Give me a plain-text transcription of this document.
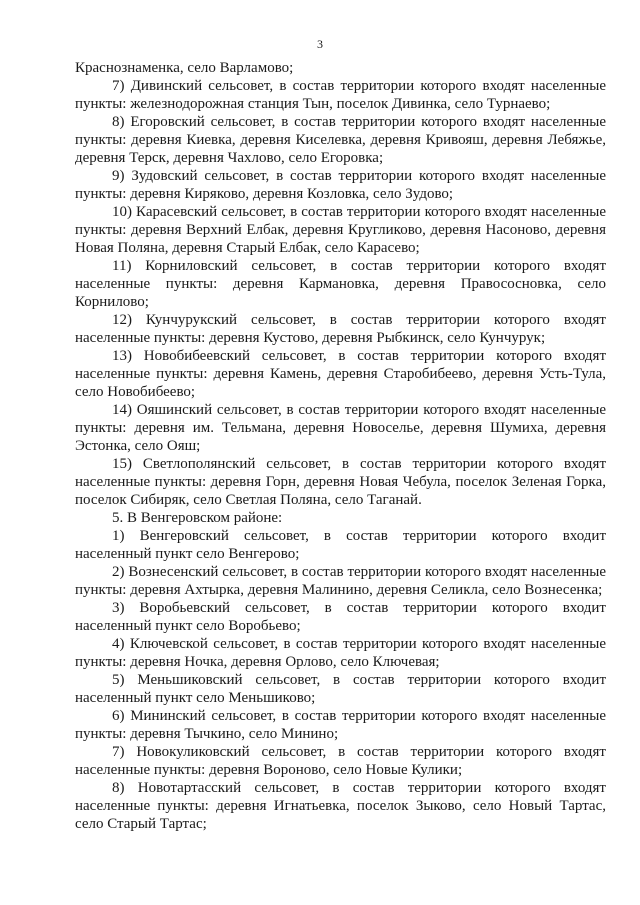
3

Краснознаменка, село Варламово;

7) Дивинский сельсовет, в состав территории которого входят населенные пункты: железнодорожная станция Тын, поселок Дивинка, село Турнаево;

8) Егоровский сельсовет, в состав территории которого входят населенные пункты: деревня Киевка, деревня Киселевка, деревня Кривояш, деревня Лебяжье, деревня Терск, деревня Чахлово, село Егоровка;

9) Зудовский сельсовет, в состав территории которого входят населенные пункты: деревня Киряково, деревня Козловка, село Зудово;

10) Карасевский сельсовет, в состав территории которого входят населенные пункты: деревня Верхний Елбак, деревня Кругликово, деревня Насоново, деревня Новая Поляна, деревня Старый Елбак, село Карасево;

11) Корниловский сельсовет, в состав территории которого входят населенные пункты: деревня Кармановка, деревня Правососновка, село Корнилово;

12) Кунчурукский сельсовет, в состав территории которого входят населенные пункты: деревня Кустово, деревня Рыбкинск, село Кунчурук;

13) Новобибеевский сельсовет, в состав территории которого входят населенные пункты: деревня Камень, деревня Старобибеево, деревня Усть-Тула, село Новобибеево;

14) Ояшинский сельсовет, в состав территории которого входят населенные пункты: деревня им. Тельмана, деревня Новоселье, деревня Шумиха, деревня Эстонка, село Ояш;

15) Светлополянский сельсовет, в состав территории которого входят населенные пункты: деревня Горн, деревня Новая Чебула, поселок Зеленая Горка, поселок Сибиряк, село Светлая Поляна, село Таганай.

5. В Венгеровском районе:

1) Венгеровский сельсовет, в состав территории которого входит населенный пункт село Венгерово;

2) Вознесенский сельсовет, в состав территории которого входят населенные пункты: деревня Ахтырка, деревня Малинино, деревня Селикла, село Вознесенка;

3) Воробьевский сельсовет, в состав территории которого входит населенный пункт село Воробьево;

4) Ключевской сельсовет, в состав территории которого входят населенные пункты: деревня Ночка, деревня Орлово, село Ключевая;

5) Меньшиковский сельсовет, в состав территории которого входит населенный пункт село Меньшиково;

6) Мининский сельсовет, в состав территории которого входят населенные пункты: деревня Тычкино, село Минино;

7) Новокуликовский сельсовет, в состав территории которого входят населенные пункты: деревня Вороново, село Новые Кулики;

8) Новотартасский сельсовет, в состав территории которого входят населенные пункты: деревня Игнатьевка, поселок Зыково, село Новый Тартас, село Старый Тартас;
